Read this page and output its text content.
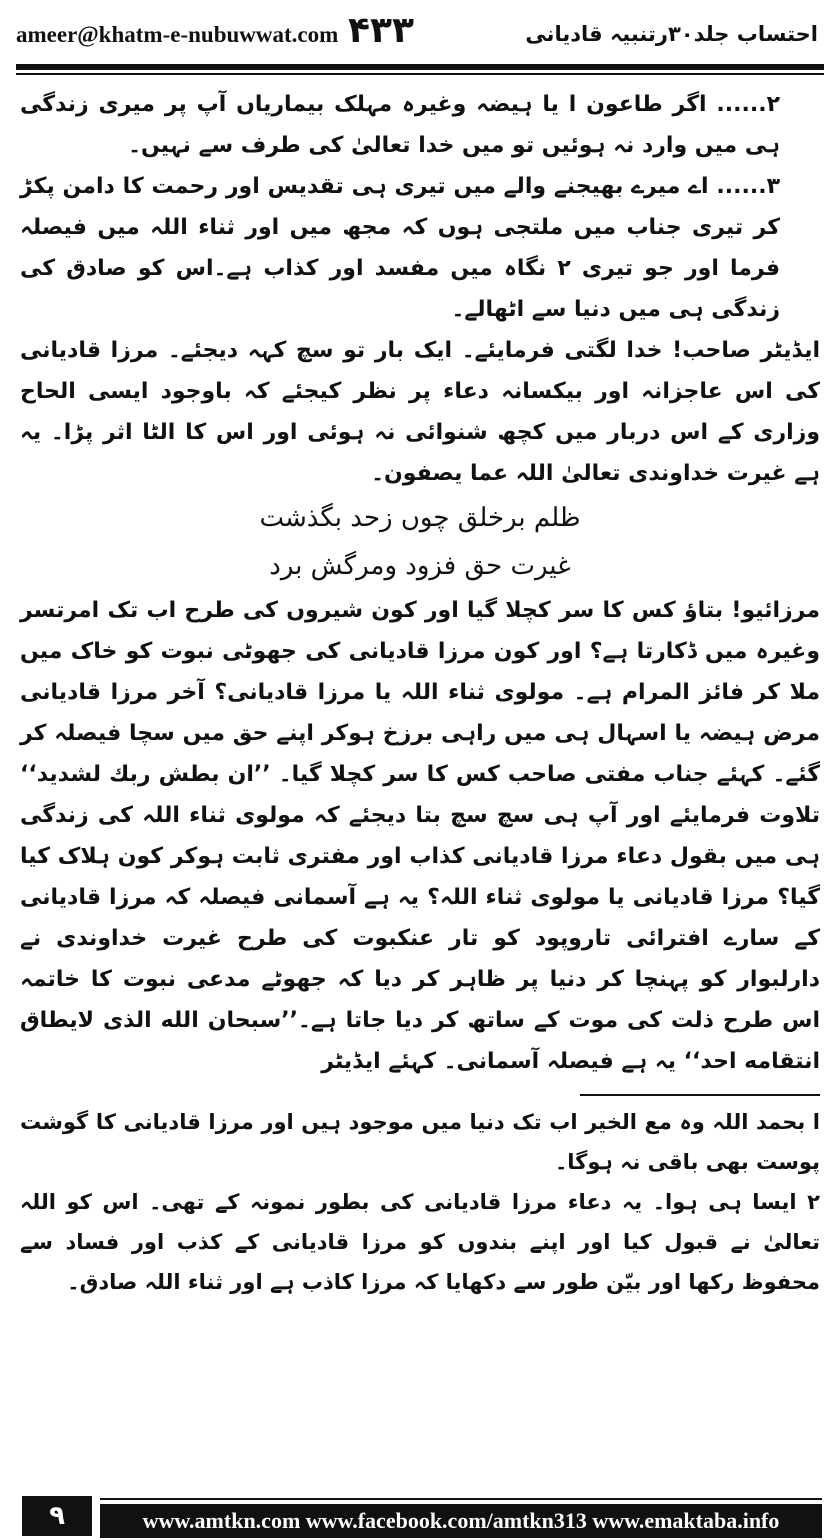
ameer@khatm-e-nubuwwat.com ۴۳۳	احتساب جلد۳۰رتنبیہ قادیانی

۲...... اگر طاعون ا یا ہیضہ وغیرہ مہلک بیماریاں آپ پر میری زندگی ہی میں وارد نہ ہوئیں تو میں خدا تعالیٰ کی طرف سے نہیں۔

۳...... اے میرے بھیجنے والے میں تیری ہی تقدیس اور رحمت کا دامن پکڑ کر تیری جناب میں ملتجی ہوں کہ مجھ میں اور ثناء اللہ میں فیصلہ فرما اور جو تیری ۲ نگاہ میں مفسد اور کذاب ہے۔اس کو صادق کی زندگی ہی میں دنیا سے اٹھالے۔

ایڈیٹر صاحب! خدا لگتی فرمایئے۔ ایک بار تو سچ کہہ دیجئے۔ مرزا قادیانی کی اس عاجزانہ اور بیکسانہ دعاء پر نظر کیجئے کہ باوجود ایسی الحاح وزاری کے اس دربار میں کچھ شنوائی نہ ہوئی اور اس کا الٹا اثر پڑا۔ یہ ہے غیرت خداوندی تعالیٰ اللہ عما یصفون۔

ظلم برخلق چوں زحد بگذشت
غیرت حق فزود ومرگش برد

مرزائیو! بتاؤ کس کا سر کچلا گیا اور کون شیروں کی طرح اب تک امرتسر وغیرہ میں ڈکارتا ہے؟ اور کون مرزا قادیانی کی جھوٹی نبوت کو خاک میں ملا کر فائز المرام ہے۔ مولوی ثناء اللہ یا مرزا قادیانی؟ آخر مرزا قادیانی مرض ہیضہ یا اسہال ہی میں راہی برزخ ہوکر اپنے حق میں سچا فیصلہ کر گئے۔ کہئے جناب مفتی صاحب کس کا سر کچلا گیا۔ ’’ان بطش ربك لشديد‘‘ تلاوت فرمایئے اور آپ ہی سچ سچ بتا دیجئے کہ مولوی ثناء اللہ کی زندگی ہی میں بقول دعاء مرزا قادیانی کذاب اور مفتری ثابت ہوکر کون ہلاک کیا گیا؟ مرزا قادیانی یا مولوی ثناء اللہ؟ یہ ہے آسمانی فیصلہ کہ مرزا قادیانی کے سارے افترائی تاروپود کو تار عنکبوت کی طرح غیرت خداوندی نے دارلبوار کو پہنچا کر دنیا پر ظاہر کر دیا کہ جھوٹے مدعی نبوت کا خاتمہ اس طرح ذلت کی موت کے ساتھ کر دیا جاتا ہے۔’’سبحان الله الذی لایطاق انتقامه احد‘‘ یہ ہے فیصلہ آسمانی۔ کہئے ایڈیٹر

ا بحمد اللہ وہ مع الخیر اب تک دنیا میں موجود ہیں اور مرزا قادیانی کا گوشت پوست بھی باقی نہ ہوگا۔

۲ ایسا ہی ہوا۔ یہ دعاء مرزا قادیانی کی بطور نمونہ کے تھی۔ اس کو اللہ تعالیٰ نے قبول کیا اور اپنے بندوں کو مرزا قادیانی کے کذب اور فساد سے محفوظ رکھا اور بیّن طور سے دکھایا کہ مرزا کاذب ہے اور ثناء اللہ صادق۔

۹	www.amtkn.com www.facebook.com/amtkn313 www.emaktaba.info
